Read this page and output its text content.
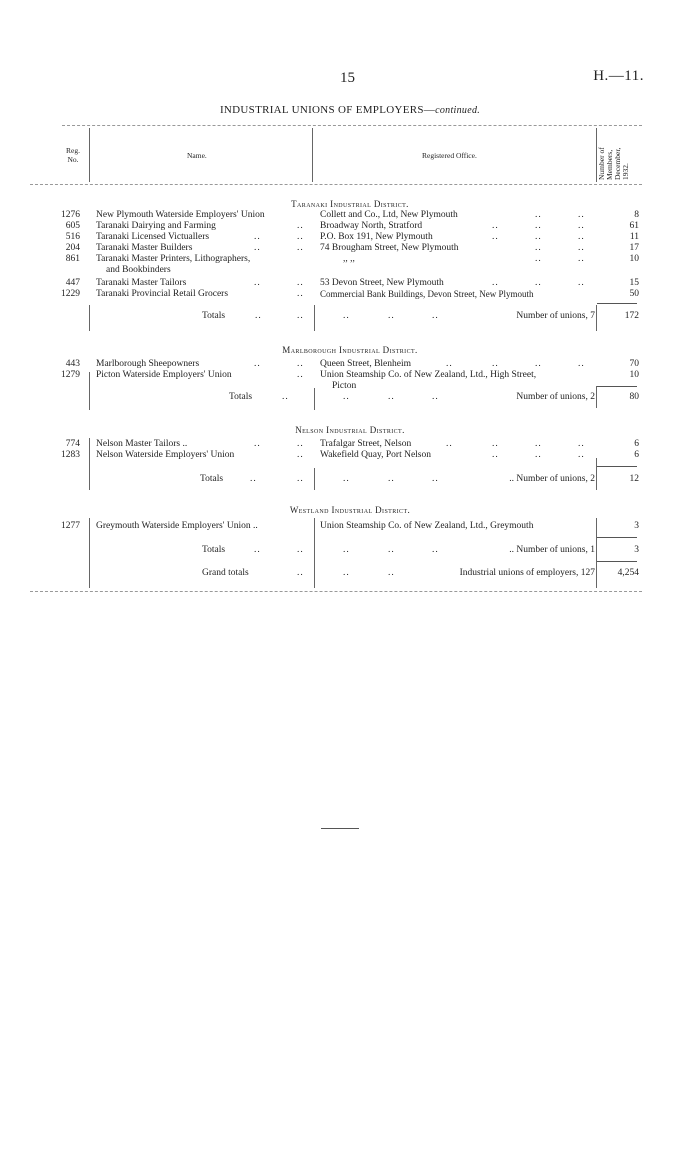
15	H.—11.
INDUSTRIAL UNIONS OF EMPLOYERS—continued.
Reg.
No.	Name.	Registered Office.	Number of Members, December, 1932.
Taranaki Industrial District.
1276 New Plymouth Waterside Employers' Union	Collett and Co., Ltd, New Plymouth	..	..	8
605 Taranaki Dairying and Farming	.. Broadway North, Stratford	..	..	..	61
516 Taranaki Licensed Victuallers	..	.. P.O. Box 191, New Plymouth	..	..	..	11
204 Taranaki Master Builders	..	.. 74 Brougham Street, New Plymouth	..	..	17
861 Taranaki Master Printers, Lithographers,	,, ,,	..	..	10
and Bookbinders
447 Taranaki Master Tailors	..	.. 53 Devon Street, New Plymouth	..	..	..	15
1229 Taranaki Provincial Retail Grocers	.. Commercial Bank Buildings, Devon Street, New Plymouth	50
Totals	..	..	..	..	..	Number of unions, 7	172
Marlborough Industrial District.
443 Marlborough Sheepowners	..	.. Queen Street, Blenheim	..	..	..	..	70
1279 Picton Waterside Employers' Union	.. Union Steamship Co. of New Zealand, Ltd., High Street,	10
Picton
Totals	..	..	..	..	Number of unions, 2	80
Nelson Industrial District.
774 Nelson Master Tailors ..	..	.. Trafalgar Street, Nelson	..	..	..	..	6
1283 Nelson Waterside Employers' Union	.. Wakefield Quay, Port Nelson	..	..	..	6
Totals	..	..	..	..	..	.. Number of unions, 2	12
Westland Industrial District.
1277 Greymouth Waterside Employers' Union ..	Union Steamship Co. of New Zealand, Ltd., Greymouth	3
Totals	..	..	..	..	..	.. Number of unions, 1	3
Grand totals	..	..	..	Industrial unions of employers, 127 4,254
